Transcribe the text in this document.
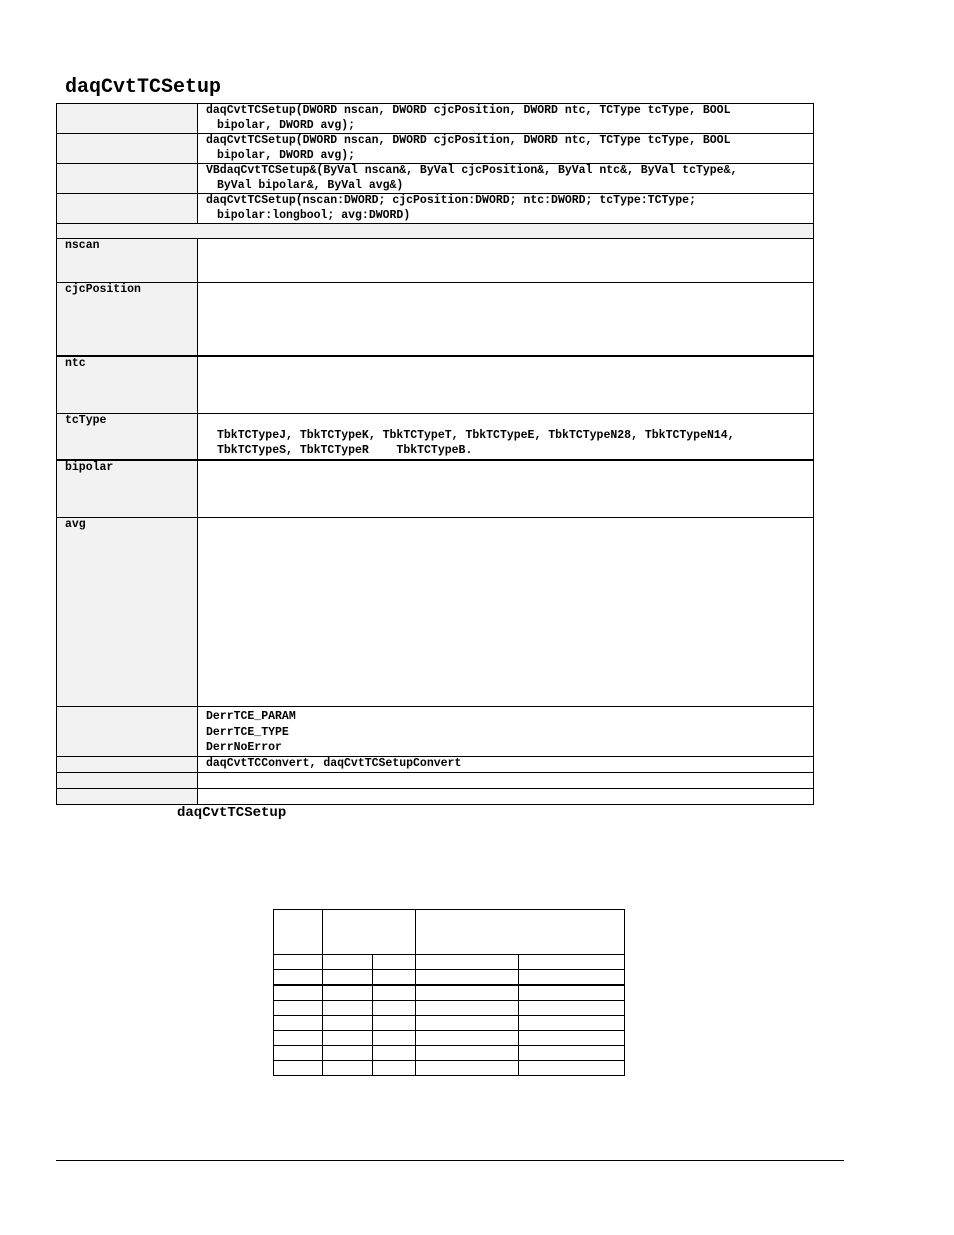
daqCvtTCSetup
	daqCvtTCSetup(DWORD nscan, DWORD cjcPosition, DWORD ntc, TCType tcType, BOOL
bipolar, DWORD avg);

	daqCvtTCSetup(DWORD nscan, DWORD cjcPosition, DWORD ntc, TCType tcType, BOOL
bipolar, DWORD avg);

	VBdaqCvtTCSetup&(ByVal nscan&, ByVal cjcPosition&, ByVal ntc&, ByVal tcType&,
ByVal bipolar&, ByVal avg&)

	daqCvtTCSetup(nscan:DWORD; cjcPosition:DWORD; ntc:DWORD; tcType:TCType;
bipolar:longbool; avg:DWORD)

nscan	
cjcPosition	
ntc	
tcType	TbkTCTypeJ, TbkTCTypeK, TbkTCTypeT, TbkTCTypeE, TbkTCTypeN28, TbkTCTypeN14,
TbkTCTypeS, TbkTCTypeR    TbkTCTypeB.

bipolar	
avg	

	DerrTCE_PARAM
DerrTCE_TYPE
DerrNoError

	daqCvtTCConvert, daqCvtTCSetupConvert

daqCvtTCSetup
